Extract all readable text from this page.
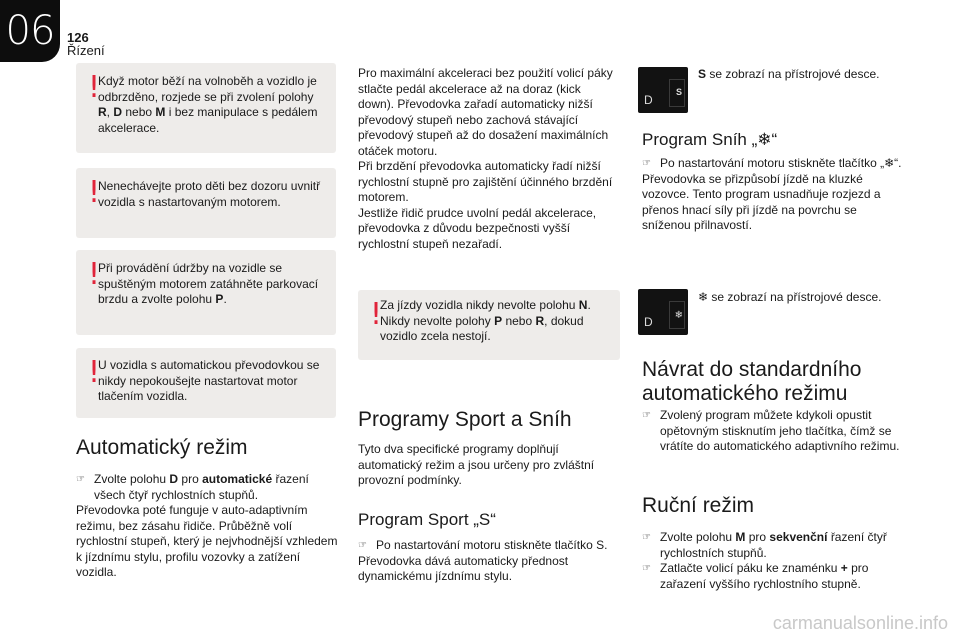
06 126
Řízení
!
Když motor běží na volnoběh a vozidlo je odbrzděno, rozjede se při zvolení polohy R, D nebo M i bez manipulace s pedálem akcelerace.
!
Nenechávejte proto děti bez dozoru uvnitř vozidla s nastartovaným motorem.
!
Při provádění údržby na vozidle se spuštěným motorem zatáhněte parkovací brzdu a zvolte polohu P.
!
U vozidla s automatickou převodovkou se nikdy nepokoušejte nastartovat motor tlačením vozidla.
Automatický režim
☞ Zvolte polohu D pro automatické řazení všech čtyř rychlostních stupňů.
Převodovka poté funguje v auto-adaptivním režimu, bez zásahu řidiče. Průběžně volí rychlostní stupeň, který je nejvhodnější vzhledem k jízdnímu stylu, profilu vozovky a zatížení vozidla.
Pro maximální akceleraci bez použití volicí páky stlačte pedál akcelerace až na doraz (kick down). Převodovka zařadí automaticky nižší převodový stupeň nebo zachová stávající převodový stupeň až do dosažení maximálních otáček motoru.
Při brzdění převodovka automaticky řadí nižší rychlostní stupně pro zajištění účinného brzdění motorem.
Jestliže řidič prudce uvolní pedál akcelerace, převodovka z důvodu bezpečnosti vyšší rychlostní stupeň nezařadí.
!
Za jízdy vozidla nikdy nevolte polohu N. Nikdy nevolte polohy P nebo R, dokud vozidlo zcela nestojí.
Programy Sport a Sníh
Tyto dva specifické programy doplňují automatický režim a jsou určeny pro zvláštní provozní podmínky.
Program Sport „S“
☞ Po nastartování motoru stiskněte tlačítko S.
Převodovka dává automaticky přednost dynamickému jízdnímu stylu.
D
S
S se zobrazí na přístrojové desce.
Program Sníh „❄“
☞ Po nastartování motoru stiskněte tlačítko „❄“.
Převodovka se přizpůsobí jízdě na kluzké vozovce. Tento program usnadňuje rozjezd a přenos hnací síly při jízdě na povrchu se sníženou přilnavostí.
D ❄
❄ se zobrazí na přístrojové desce.
Návrat do standardního
automatického režimu
☞ Zvolený program můžete kdykoli opustit opětovným stisknutím jeho tlačítka, čímž se vrátíte do automatického adaptivního režimu.
Ruční režim
☞ Zvolte polohu M pro sekvenční řazení čtyř rychlostních stupňů.
☞ Zatlačte volicí páku ke znaménku + pro zařazení vyššího rychlostního stupně.
carmanualsonline.info
